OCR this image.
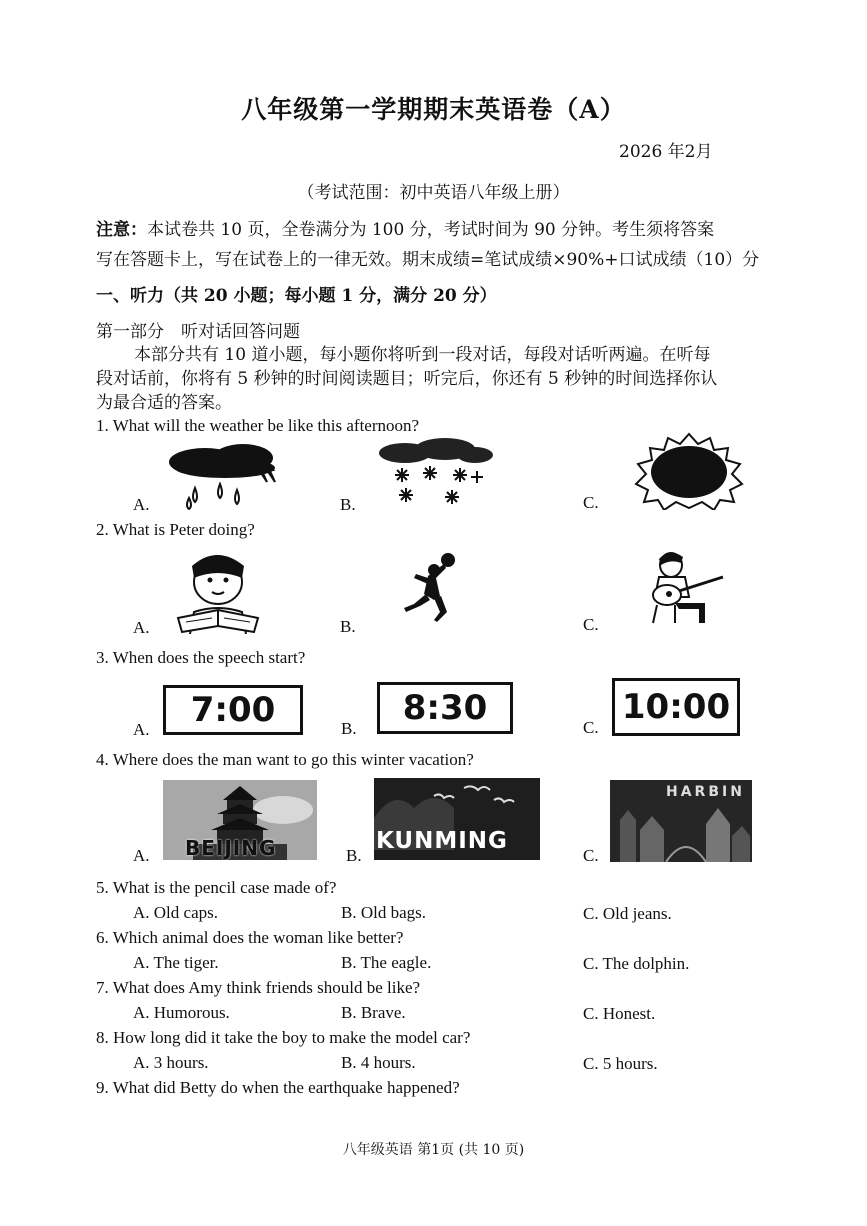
八年级第一学期期末英语卷（A）
2026 年2月
（考试范围：初中英语八年级上册）
注意：本试卷共 10 页，全卷满分为 100 分，考试时间为 90 分钟。考生须将答案
写在答题卡上，写在试卷上的一律无效。期末成绩=笔试成绩×90%+口试成绩（10）分
一、听力（共 20 小题；每小题 1 分，满分 20 分）
第一部分　听对话回答问题
本部分共有 10 道小题，每小题你将听到一段对话，每段对话听两遍。在听每
段对话前，你将有 5 秒钟的时间阅读题目；听完后，你还有 5 秒钟的时间选择你认
为最合适的答案。
1. What will the weather be like this afternoon?
A.	B.	C.
2. What is Peter doing?
A.	B.	C.
3. When does the speech start?
A.	B.	C.
7:00	8:30	10:00
4. Where does the man want to go this winter vacation?
A.	B.	C.
BEIJING	KUNMING
HARBIN
5. What is the pencil case made of?
A. Old caps.	B. Old bags.	C. Old jeans.
6. Which animal does the woman like better?
A. The tiger.	B. The eagle.	C. The dolphin.
7. What does Amy think friends should be like?
A. Humorous.	B. Brave.	C. Honest.
8. How long did it take the boy to make the model car?
A. 3 hours.	B. 4 hours.	C. 5 hours.
9. What did Betty do when the earthquake happened?
八年级英语 第1页 (共 10 页)
